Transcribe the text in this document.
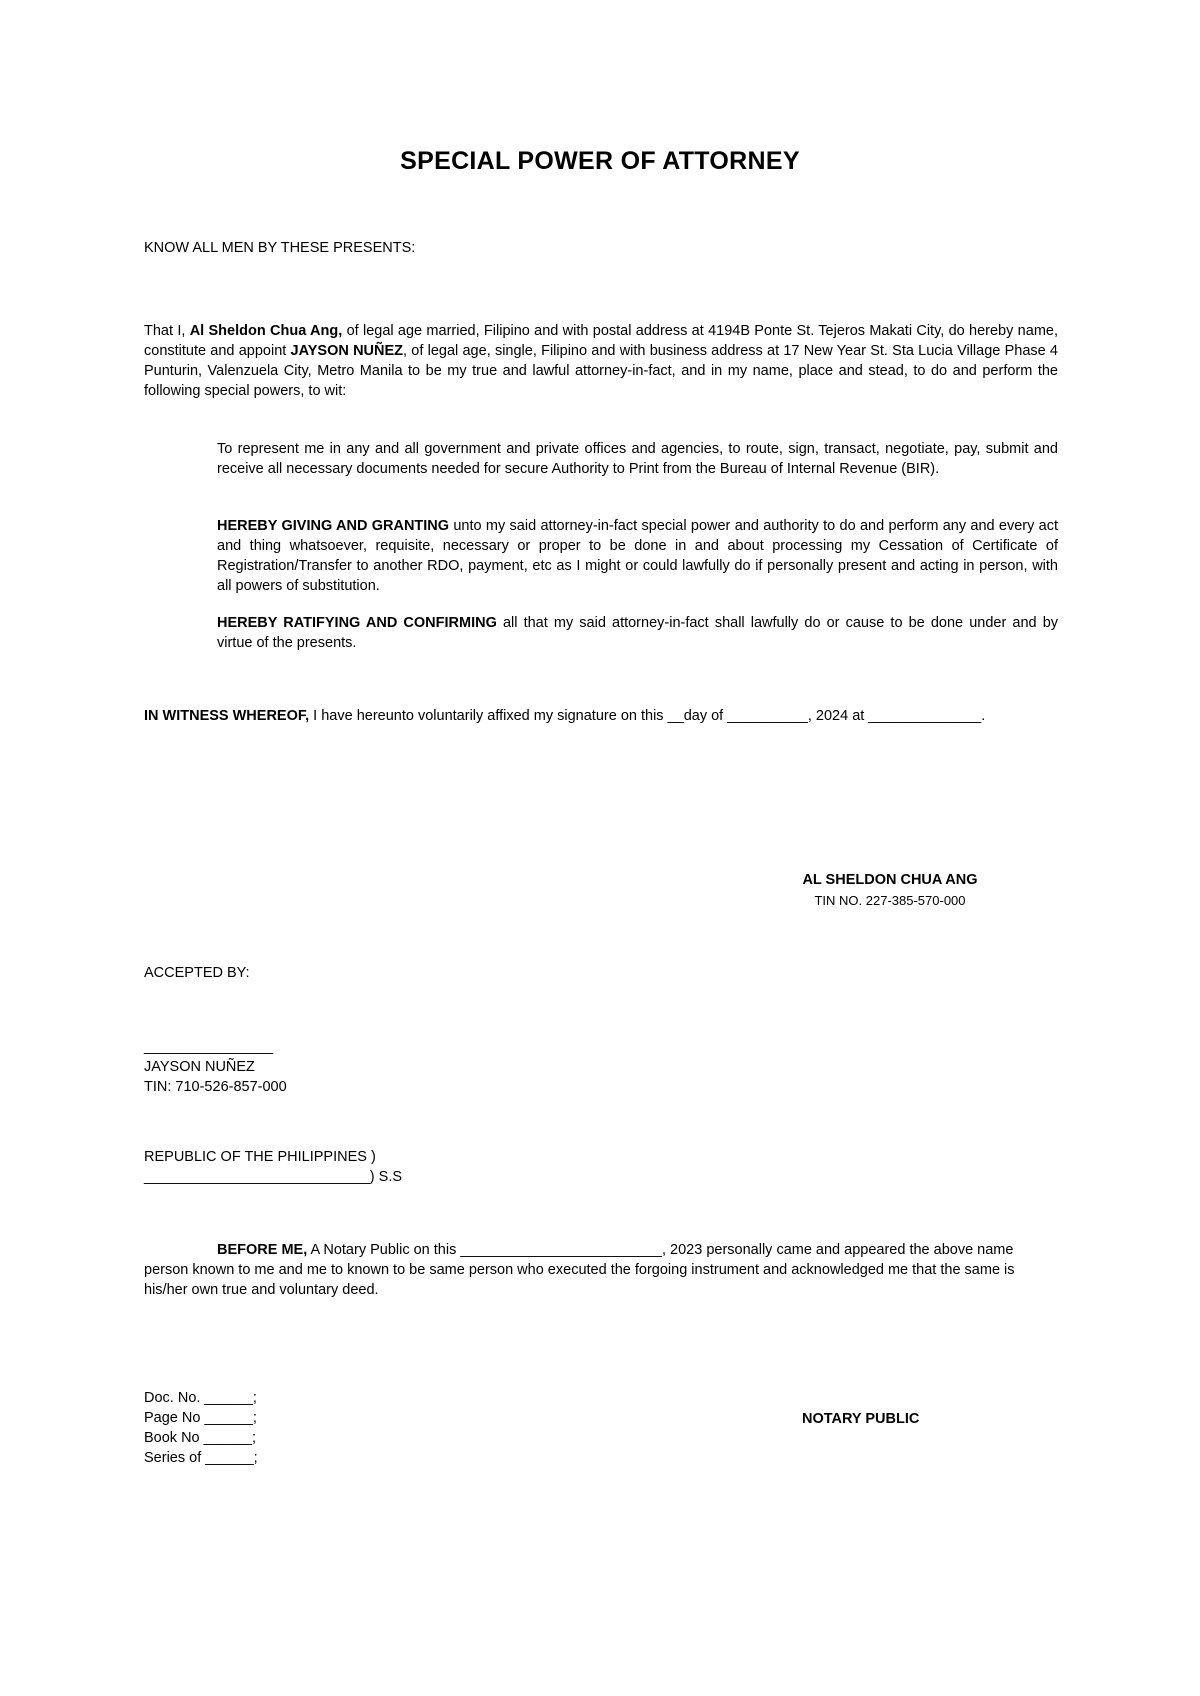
SPECIAL POWER OF ATTORNEY
KNOW ALL MEN BY THESE PRESENTS:
That I, Al Sheldon Chua Ang, of legal age married, Filipino and with postal address at 4194B Ponte St. Tejeros Makati City, do hereby name, constitute and appoint JAYSON NUÑEZ, of legal age, single, Filipino and with business address at 17 New Year St. Sta Lucia Village Phase 4 Punturin, Valenzuela City, Metro Manila to be my true and lawful attorney-in-fact, and in my name, place and stead, to do and perform the following special powers, to wit:
To represent me in any and all government and private offices and agencies, to route, sign, transact, negotiate, pay, submit and receive all necessary documents needed for secure Authority to Print from the Bureau of Internal Revenue (BIR).
HEREBY GIVING AND GRANTING unto my said attorney-in-fact special power and authority to do and perform any and every act and thing whatsoever, requisite, necessary or proper to be done in and about processing my Cessation of Certificate of Registration/Transfer to another RDO, payment, etc as I might or could lawfully do if personally present and acting in person, with all powers of substitution.
HEREBY RATIFYING AND CONFIRMING all that my said attorney-in-fact shall lawfully do or cause to be done under and by virtue of the presents.
IN WITNESS WHEREOF, I have hereunto voluntarily affixed my signature on this __day of __________, 2024 at ______________.
AL SHELDON CHUA ANG
TIN NO. 227-385-570-000
ACCEPTED BY:
________________
JAYSON NUÑEZ
TIN: 710-526-857-000
REPUBLIC OF THE PHILIPPINES )
____________________________) S.S
BEFORE ME, A Notary Public on this _________________________, 2023 personally came and appeared the above name person known to me and me to known to be same person who executed the forgoing instrument and acknowledged me that the same is his/her own true and voluntary deed.
Doc. No. ______;
Page No ______;
Book No ______;
Series of ______;
NOTARY PUBLIC
